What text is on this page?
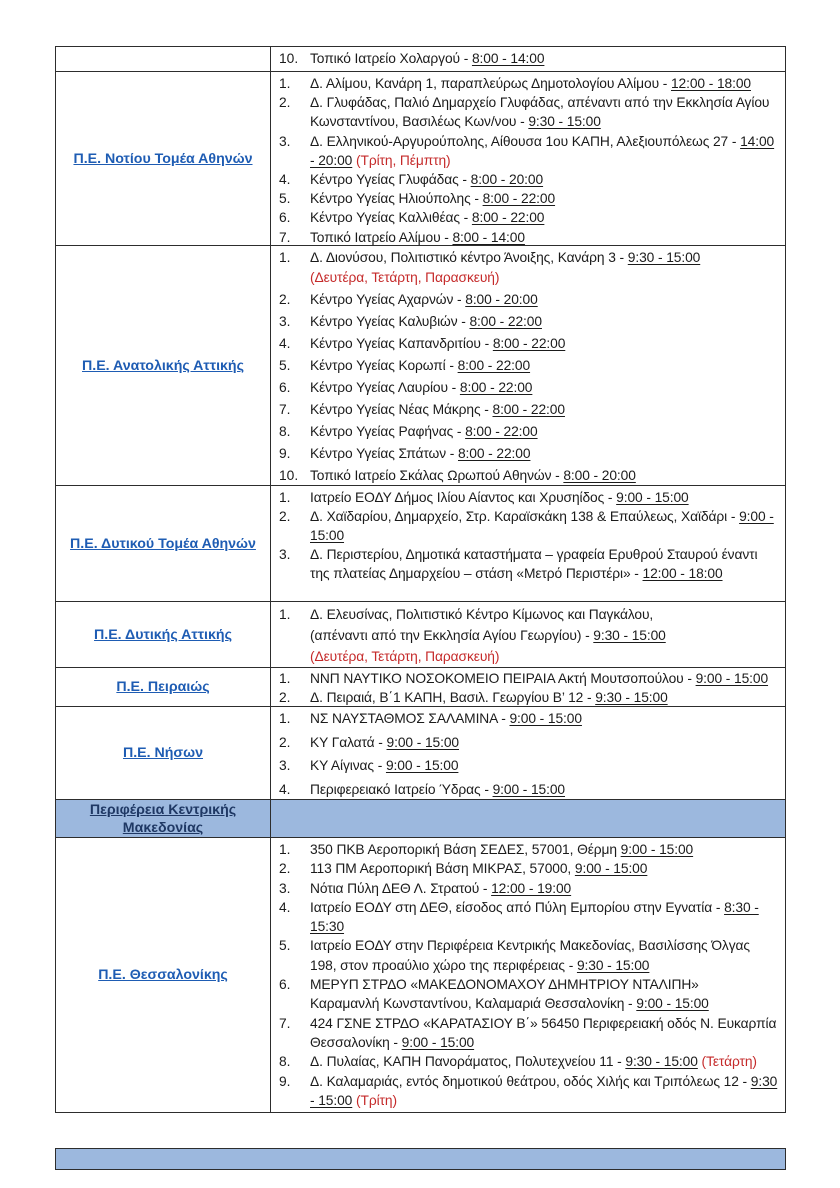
10. Τοπικό Ιατρείο Χολαργού - 8:00 - 14:00
Π.Ε. Νοτίου Τομέα Αθηνών
1.	Δ. Αλίμου, Κανάρη 1, παραπλεύρως Δημοτολογίου Αλίμου - 12:00 - 18:00
2.	Δ. Γλυφάδας, Παλιό Δημαρχείο Γλυφάδας, απέναντι από την Εκκλησία Αγίου Κωνσταντίνου, Βασιλέως Κων/νου - 9:30 - 15:00
3.	Δ. Ελληνικού-Αργυρούπολης, Αίθουσα 1ου ΚΑΠΗ, Αλεξιουπόλεως 27 - 14:00 - 20:00 (Τρίτη, Πέμπτη)
4.	Κέντρο Υγείας Γλυφάδας - 8:00 - 20:00
5.	Κέντρο Υγείας Ηλιούπολης - 8:00 - 22:00
6.	Κέντρο Υγείας Καλλιθέας - 8:00 - 22:00
7.	Τοπικό Ιατρείο Αλίμου - 8:00 - 14:00
Π.Ε. Ανατολικής Αττικής
1.	Δ. Διονύσου, Πολιτιστικό κέντρο Άνοιξης, Κανάρη 3 - 9:30 - 15:00
(Δευτέρα, Τετάρτη, Παρασκευή)
2.	Κέντρο Υγείας Αχαρνών - 8:00 - 20:00
3.	Κέντρο Υγείας Καλυβιών - 8:00 - 22:00
4.	Κέντρο Υγείας Καπανδριτίου - 8:00 - 22:00
5.	Κέντρο Υγείας Κορωπί - 8:00 - 22:00
6.	Κέντρο Υγείας Λαυρίου - 8:00 - 22:00
7.	Κέντρο Υγείας Νέας Μάκρης - 8:00 - 22:00
8.	Κέντρο Υγείας Ραφήνας - 8:00 - 22:00
9.	Κέντρο Υγείας Σπάτων - 8:00 - 22:00
10. Τοπικό Ιατρείο Σκάλας Ωρωπού Αθηνών - 8:00 - 20:00
Π.Ε. Δυτικού Τομέα Αθηνών
1.	Ιατρείο ΕΟΔΥ Δήμος Ιλίου Αίαντος και Χρυσηίδος - 9:00 - 15:00
2.	Δ. Χαϊδαρίου, Δημαρχείο, Στρ. Καραϊσκάκη 138 & Επαύλεως, Χαϊδάρι - 9:00 - 15:00
3.	Δ. Περιστερίου, Δημοτικά καταστήματα – γραφεία Ερυθρού Σταυρού έναντι της πλατείας Δημαρχείου – στάση «Μετρό Περιστέρι» - 12:00 - 18:00
Π.Ε. Δυτικής Αττικής
1.	Δ. Ελευσίνας, Πολιτιστικό Κέντρο Κίμωνος και Παγκάλου,
(απέναντι από την Εκκλησία Αγίου Γεωργίου) - 9:30 - 15:00
(Δευτέρα, Τετάρτη, Παρασκευή)
Π.Ε. Πειραιώς
1.	ΝΝΠ ΝΑΥΤΙΚΟ ΝΟΣΟΚΟΜΕΙΟ ΠΕΙΡΑΙΑ Ακτή Μουτσοπούλου - 9:00 - 15:00
2.	Δ. Πειραιά, Β΄1 ΚΑΠΗ, Βασιλ. Γεωργίου Β’ 12 - 9:30 - 15:00
Π.Ε. Νήσων
1.	ΝΣ ΝΑΥΣΤΑΘΜΟΣ ΣΑΛΑΜΙΝΑ - 9:00 - 15:00
2.	ΚΥ Γαλατά - 9:00 - 15:00
3.	ΚΥ Αίγινας - 9:00 - 15:00
4.	Περιφερειακό Ιατρείο Ύδρας - 9:00 - 15:00
Περιφέρεια Κεντρικής Μακεδονίας
Π.Ε. Θεσσαλονίκης
1.	350 ΠΚΒ Αεροπορική Βάση ΣΕΔΕΣ, 57001, Θέρμη 9:00 - 15:00
2.	113 ΠΜ Αεροπορική Βάση ΜΙΚΡΑΣ, 57000, 9:00 - 15:00
3.	Νότια Πύλη ΔΕΘ Λ. Στρατού - 12:00 - 19:00
4.	Ιατρείο ΕΟΔΥ στη ΔΕΘ, είσοδος από Πύλη Εμπορίου στην Εγνατία - 8:30 - 15:30
5.	Ιατρείο ΕΟΔΥ στην Περιφέρεια Κεντρικής Μακεδονίας, Βασιλίσσης Όλγας 198, στον προαύλιο χώρο της περιφέρειας - 9:30 - 15:00
6.	ΜΕΡΥΠ ΣΤΡΔΟ «ΜΑΚΕΔΟΝΟΜΑΧΟΥ ΔΗΜΗΤΡΙΟΥ ΝΤΑΛΙΠΗ»
Καραμανλή Κωνσταντίνου, Καλαμαριά Θεσσαλονίκη - 9:00 - 15:00
7.	424 ΓΣΝΕ ΣΤΡΔΟ «ΚΑΡΑΤΑΣΙΟΥ Β΄» 56450 Περιφερειακή οδός Ν. Ευκαρπία Θεσσαλονίκη - 9:00 - 15:00
8.	Δ. Πυλαίας, ΚΑΠΗ Πανοράματος, Πολυτεχνείου 11 - 9:30 - 15:00 (Τετάρτη)
9.	Δ. Καλαμαριάς, εντός δημοτικού θεάτρου, οδός Χιλής και Τριπόλεως 12 - 9:30 - 15:00 (Τρίτη)
